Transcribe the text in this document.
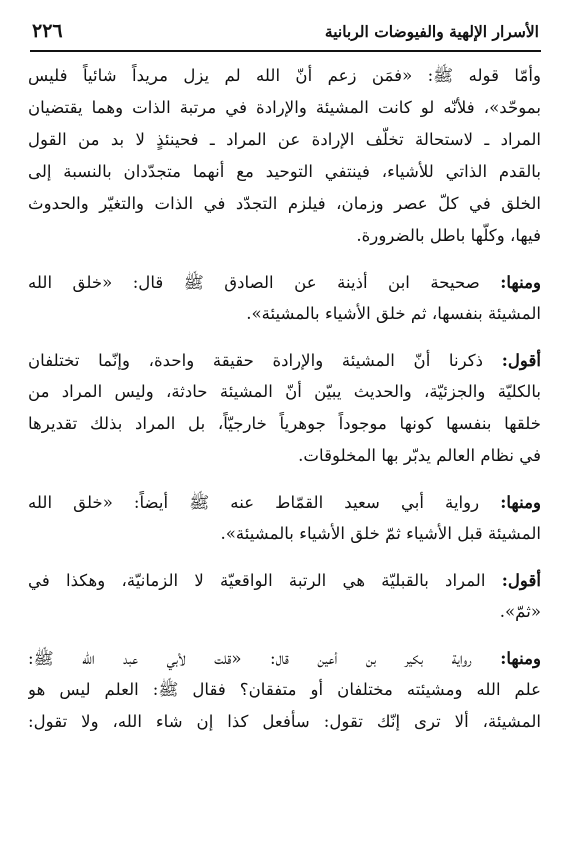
٢٢٦	الأسرار الإلهية والفيوضات الربانية
وأمّا قوله ﷺ: «فمَن زعم أنّ الله لم يزل مريداً شائياً فليس
بموحّد»، فلأنّه لو كانت المشيئة والإرادة في مرتبة الذات وهما يقتضيان
المراد ـ لاستحالة تخلّف الإرادة عن المراد ـ فحينئذٍ لا بد من القول
بالقدم الذاتي للأشياء، فينتفي التوحيد مع أنهما متجدّدان بالنسبة إلى
الخلق في كلّ عصر وزمان، فيلزم التجدّد في الذات والتغيّر والحدوث
فيها، وكلّها باطل بالضرورة.
ومنها: صحيحة ابن أذينة عن الصادق ﷺ قال: «خلق الله
المشيئة بنفسها، ثم خلق الأشياء بالمشيئة».
أقول: ذكرنا أنّ المشيئة والإرادة حقيقة واحدة، وإنّما تختلفان
بالكليّة والجزئيّة، والحديث يبيّن أنّ المشيئة حادثة، وليس المراد من
خلقها بنفسها كونها موجوداً جوهرياً خارجيّاً، بل المراد بذلك تقديرها
في نظام العالم يدبّر بها المخلوقات.
ومنها: رواية أبي سعيد القمّاط عنه ﷺ أيضاً: «خلق الله
المشيئة قبل الأشياء ثمّ خلق الأشياء بالمشيئة».
أقول: المراد بالقبليّة هي الرتبة الواقعيّة لا الزمانيّة، وهكذا في
«ثمّ».
ومنها: رواية بكير بن أعين قال: «قلت لأبي عبد الله ﷺ:
علم الله ومشيئته مختلفان أو متفقان؟ فقال ﷺ: العلم ليس هو
المشيئة، ألا ترى إنّك تقول: سأفعل كذا إن شاء الله، ولا تقول:
